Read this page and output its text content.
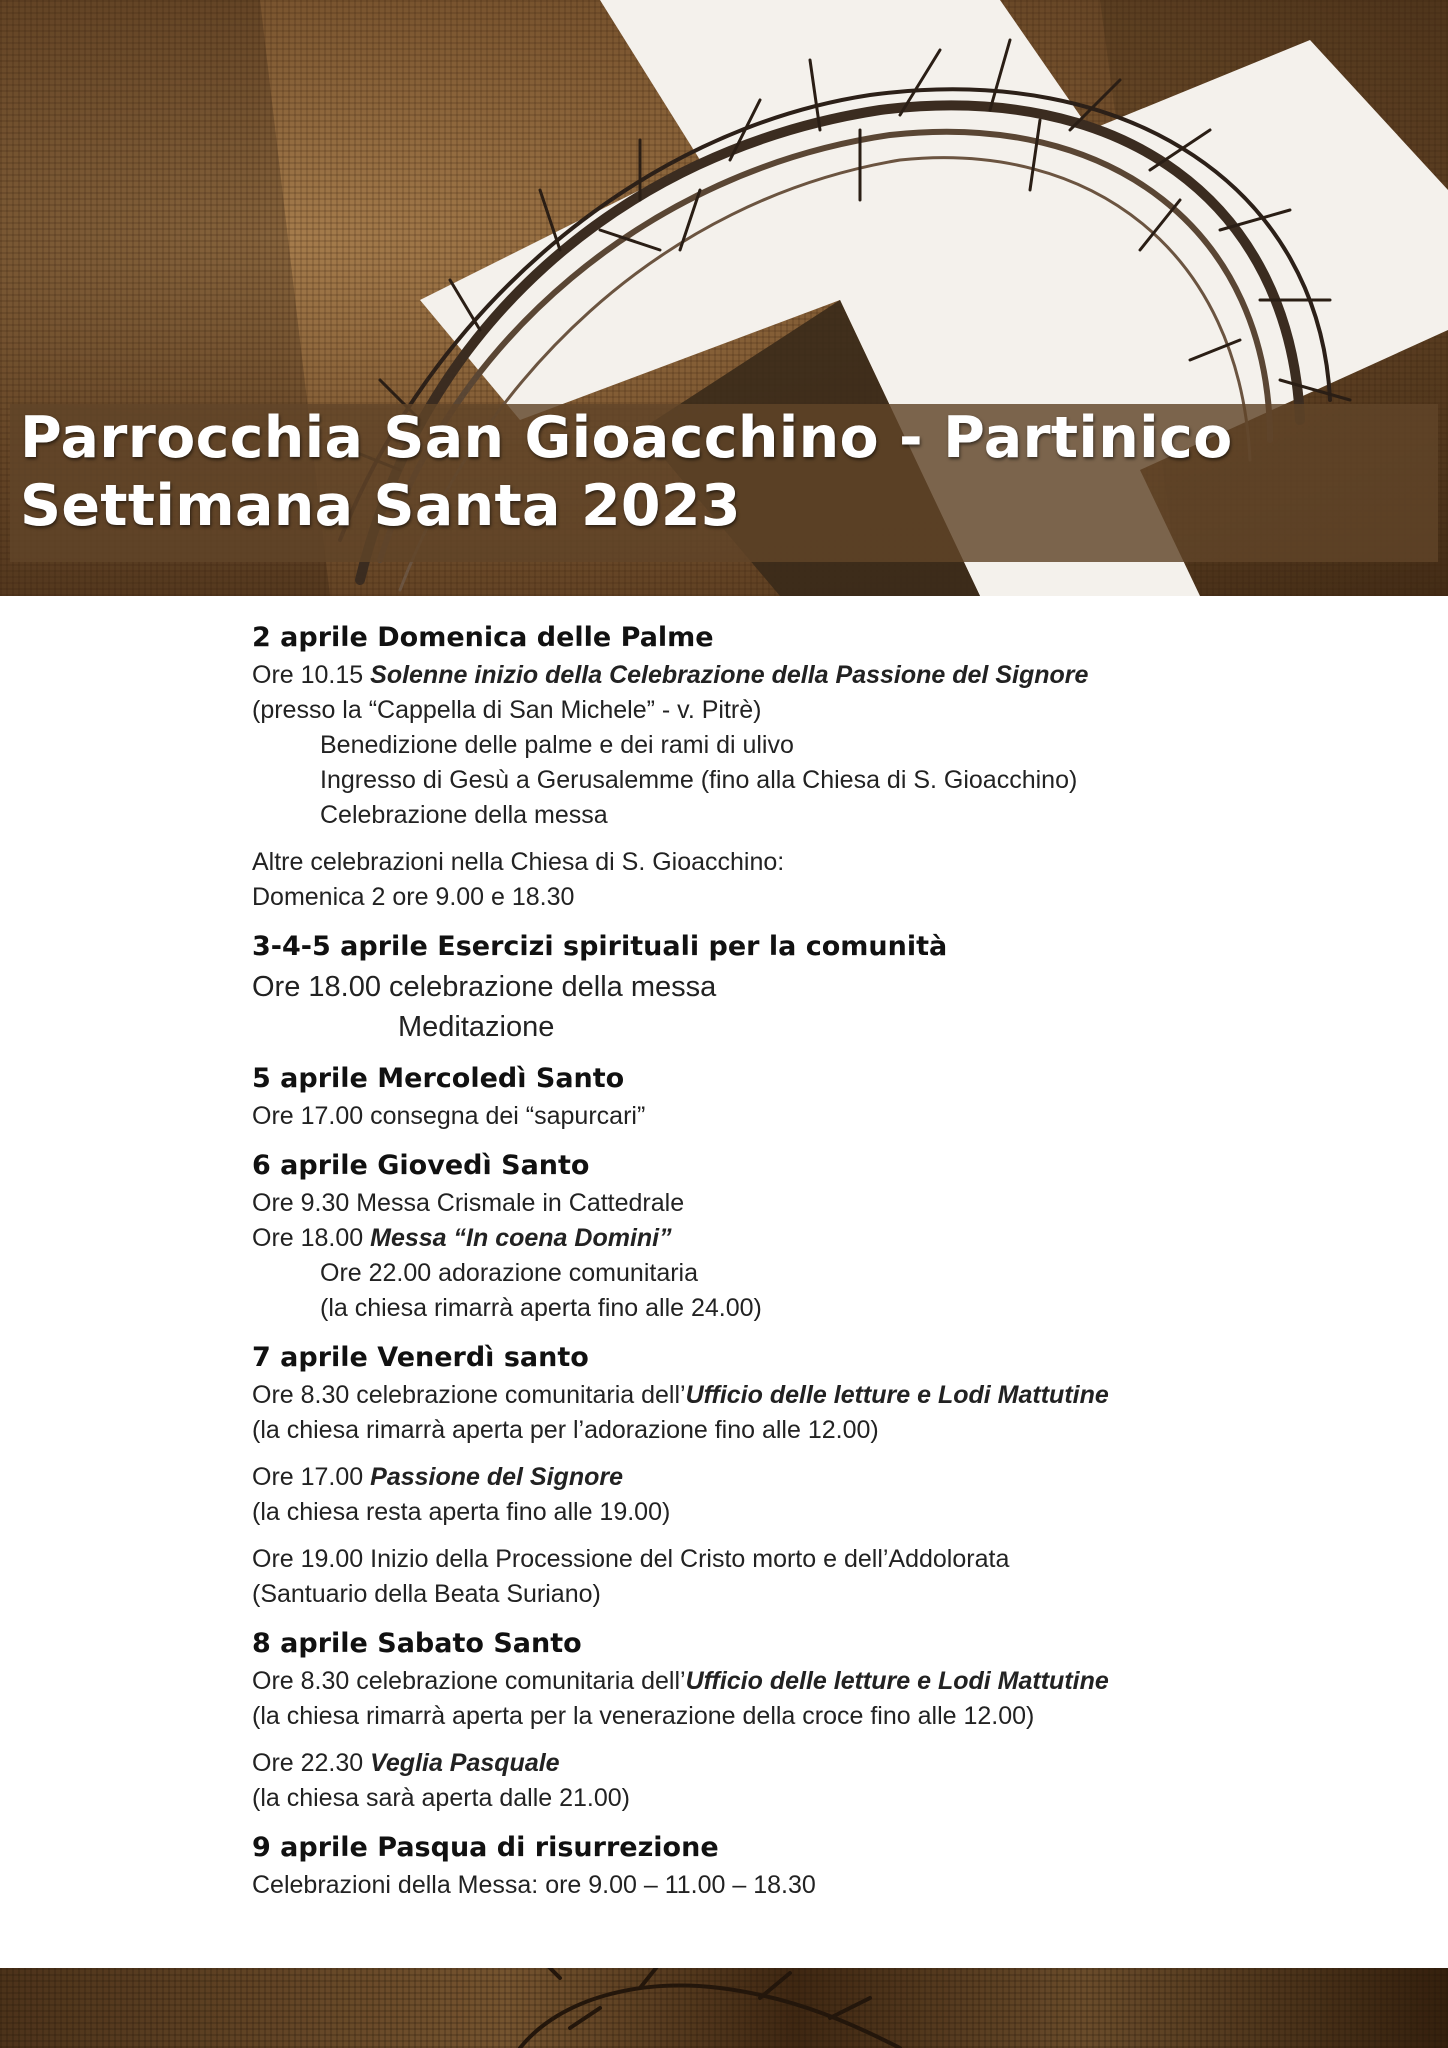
Parrocchia San Gioacchino - Partinico
Settimana Santa 2023
2 aprile Domenica delle Palme
Ore 10.15 Solenne inizio della Celebrazione della Passione del Signore
(presso la “Cappella di San Michele” - v. Pitrè)
Benedizione delle palme e dei rami di ulivo
Ingresso di Gesù a Gerusalemme (fino alla Chiesa di S. Gioacchino)
Celebrazione della messa
Altre celebrazioni nella Chiesa di S. Gioacchino:
Domenica 2 ore 9.00 e 18.30
3-4-5 aprile Esercizi spirituali per la comunità
Ore 18.00 celebrazione della messa
Meditazione
5 aprile Mercoledì Santo
Ore 17.00 consegna dei “sapurcari”
6 aprile Giovedì Santo
Ore 9.30 Messa Crismale in Cattedrale
Ore 18.00 Messa “In coena Domini”
Ore 22.00 adorazione comunitaria
(la chiesa rimarrà aperta fino alle 24.00)
7 aprile Venerdì santo
Ore 8.30 celebrazione comunitaria dell’Ufficio delle letture e Lodi Mattutine
(la chiesa rimarrà aperta per l’adorazione fino alle 12.00)
Ore 17.00 Passione del Signore
(la chiesa resta aperta fino alle 19.00)
Ore 19.00 Inizio della Processione del Cristo morto e dell’Addolorata
(Santuario della Beata Suriano)
8 aprile Sabato Santo
Ore 8.30 celebrazione comunitaria dell’Ufficio delle letture e Lodi Mattutine
(la chiesa rimarrà aperta per la venerazione della croce fino alle 12.00)
Ore 22.30 Veglia Pasquale
(la chiesa sarà aperta dalle 21.00)
9 aprile Pasqua di risurrezione
Celebrazioni della Messa: ore 9.00 – 11.00 – 18.30
